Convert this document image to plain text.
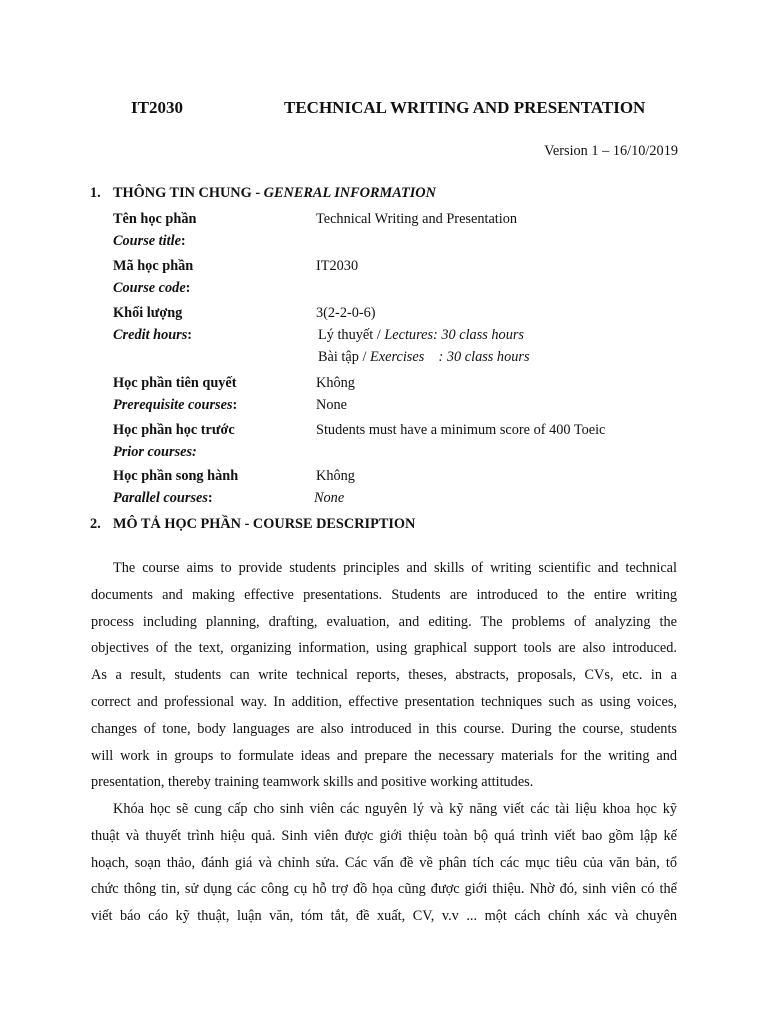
IT2030	TECHNICAL WRITING AND PRESENTATION
Version 1 – 16/10/2019
1. THÔNG TIN CHUNG - GENERAL INFORMATION
Tên học phần
Course title:
Technical Writing and Presentation
Mã học phần
Course code:
IT2030
Khối lượng
Credit hours:
3(2-2-0-6)
Lý thuyết / Lectures: 30 class hours
Bài tập / Exercises    : 30 class hours
Học phần tiên quyết
Prerequisite courses:
Không
None
Học phần học trước
Prior courses:
Students must have a minimum score of 400 Toeic
Học phần song hành
Parallel courses:
Không
None
2. MÔ TẢ HỌC PHẦN - COURSE DESCRIPTION
The course aims to provide students principles and skills of writing scientific and technical
documents and making effective presentations. Students are introduced to the entire writing
process including planning, drafting, evaluation, and editing. The problems of analyzing the
objectives of the text, organizing information, using graphical support tools are also introduced.
As a result, students can write technical reports, theses, abstracts, proposals, CVs, etc. in a
correct and professional way. In addition, effective presentation techniques such as using voices,
changes of tone, body languages are also introduced in this course. During the course, students
will work in groups to formulate ideas and prepare the necessary materials for the writing and
presentation, thereby training teamwork skills and positive working attitudes.
Khóa học sẽ cung cấp cho sinh viên các nguyên lý và kỹ năng viết các tài liệu khoa học kỹ
thuật và thuyết trình hiệu quả. Sinh viên được giới thiệu toàn bộ quá trình viết bao gồm lập kế
hoạch, soạn thảo, đánh giá và chỉnh sửa. Các vấn đề về phân tích các mục tiêu của văn bản, tổ
chức thông tin, sử dụng các công cụ hỗ trợ đồ họa cũng được giới thiệu. Nhờ đó, sinh viên có thể
viết báo cáo kỹ thuật, luận văn, tóm tắt, đề xuất, CV, v.v ... một cách chính xác và chuyên
